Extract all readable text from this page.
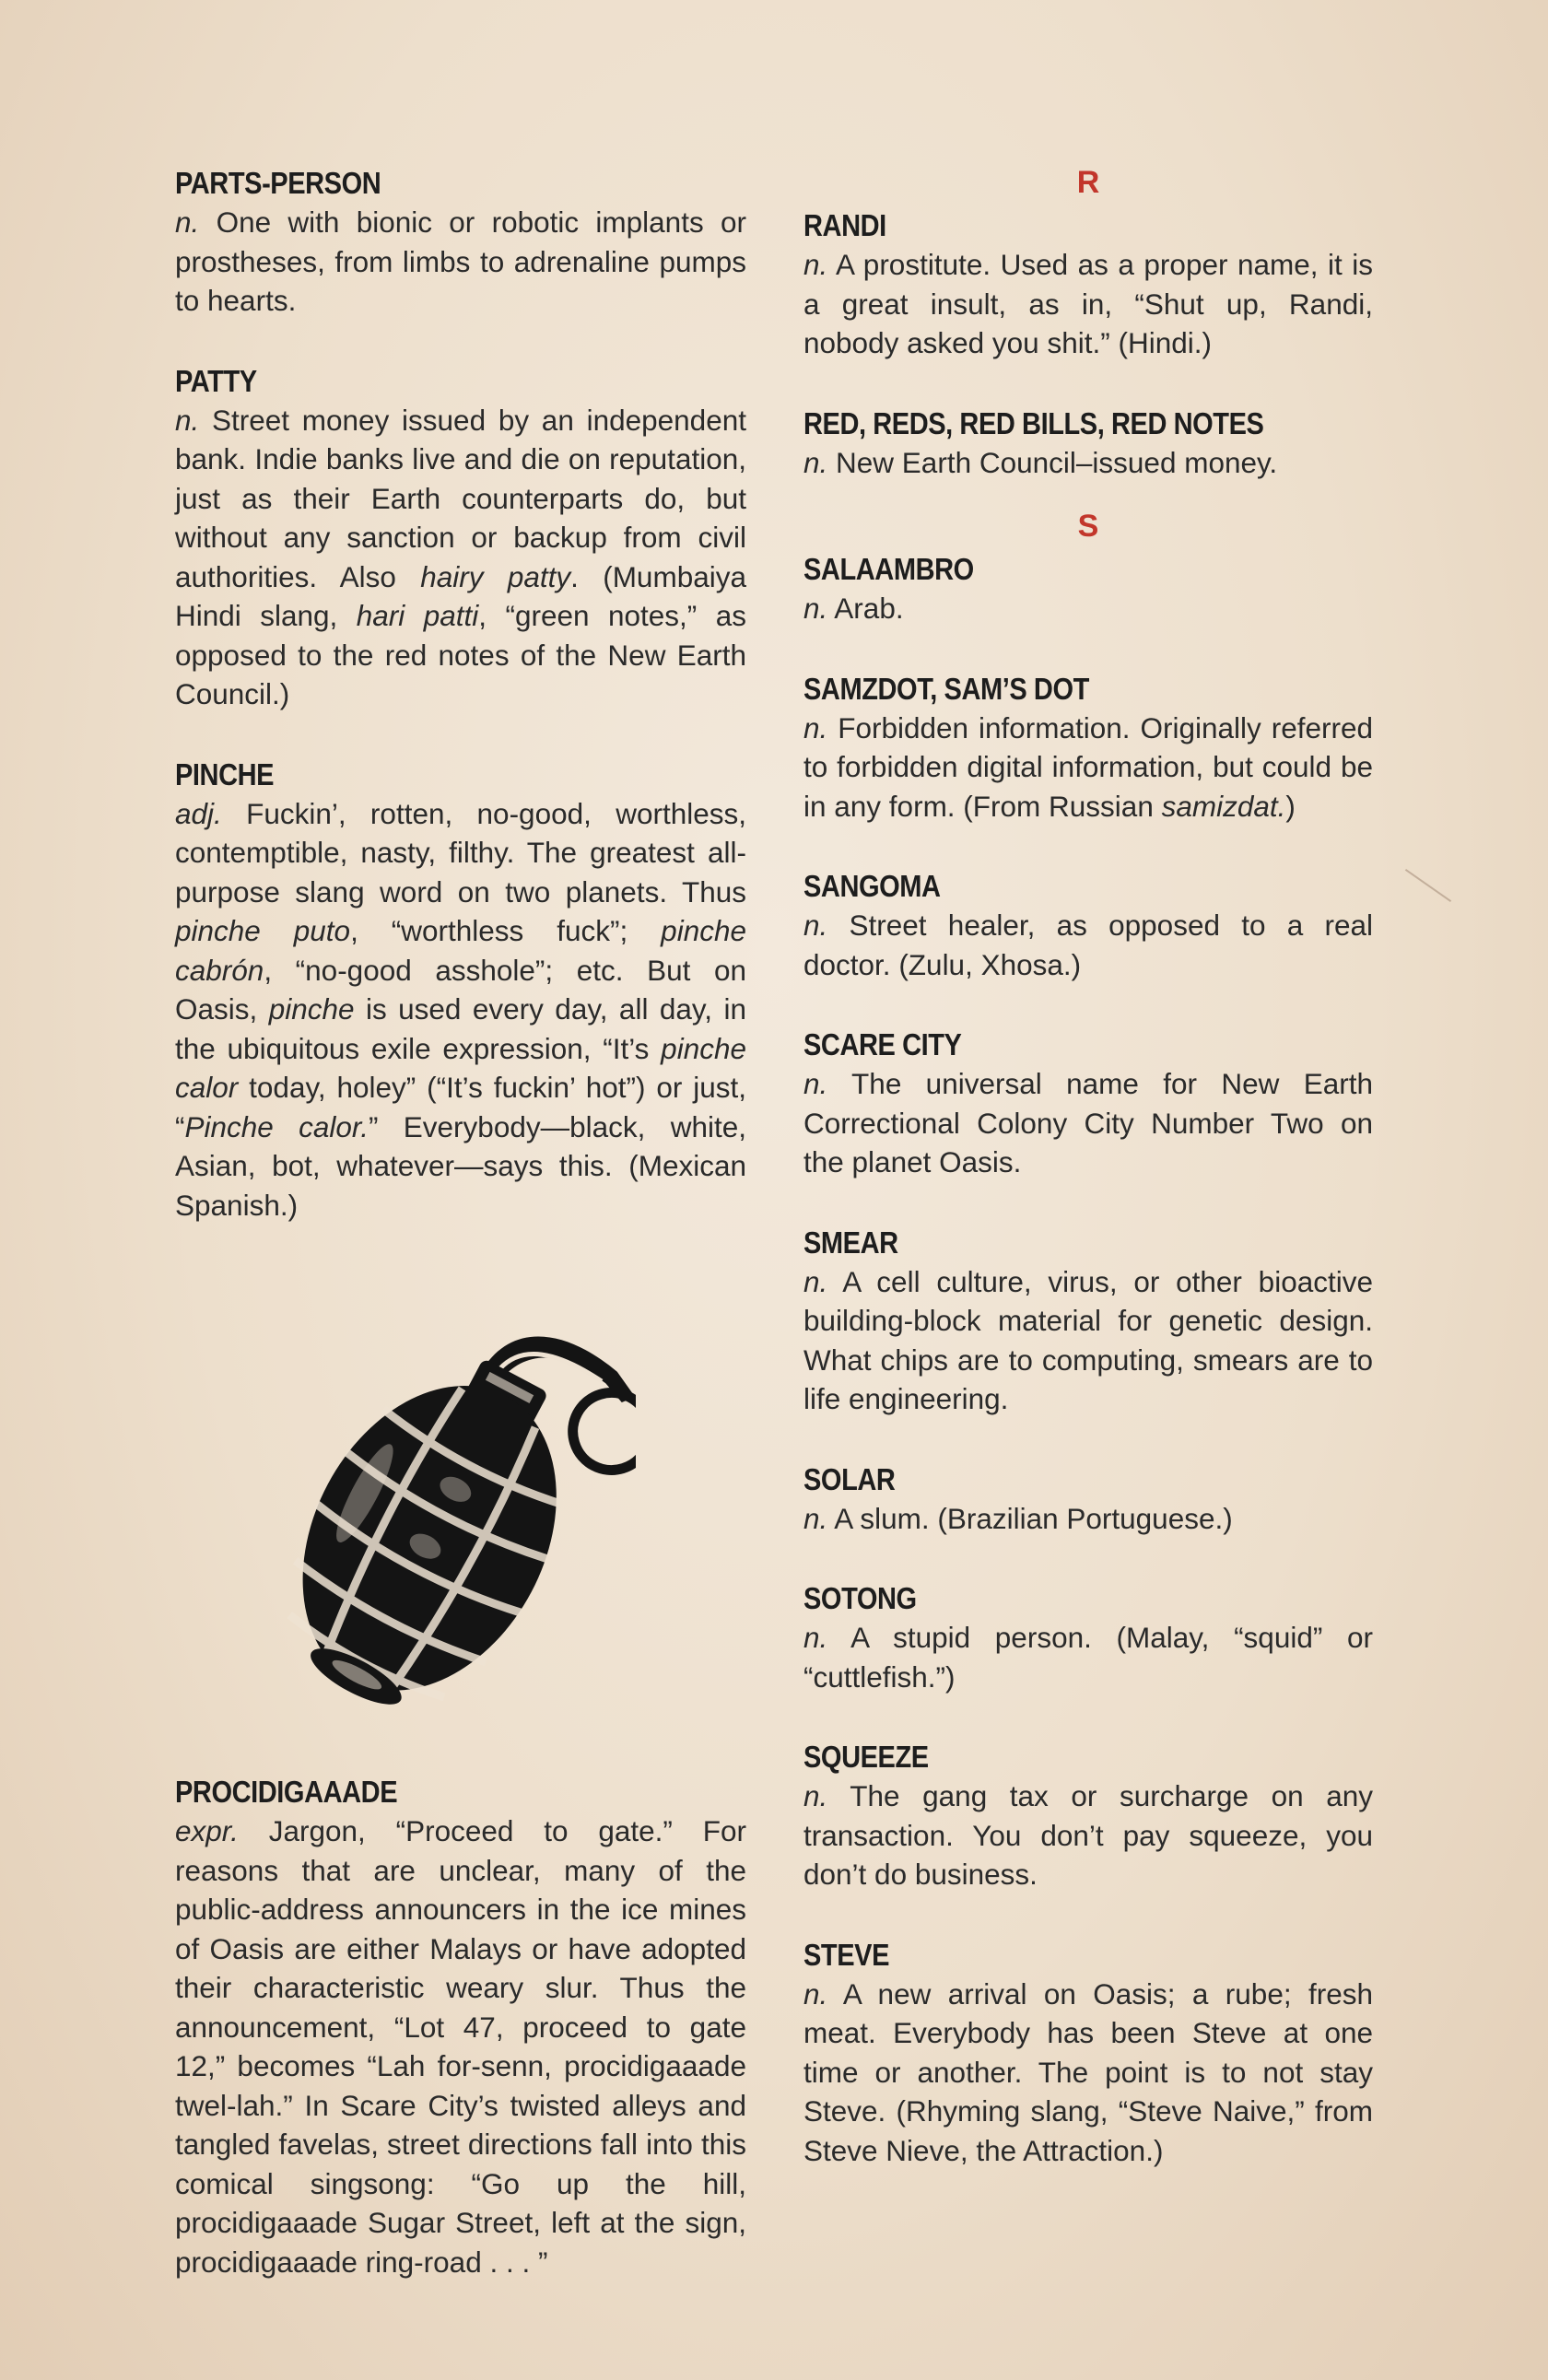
PARTS-PERSON

n. One with bionic or robotic implants or prostheses, from limbs to adrenaline pumps to hearts.

PATTY

n. Street money issued by an independent bank. Indie banks live and die on reputation, just as their Earth counterparts do, but without any sanction or backup from civil authorities. Also hairy patty. (Mumbaiya Hindi slang, hari patti, “green notes,” as opposed to the red notes of the New Earth Council.)

PINCHE

adj. Fuckin’, rotten, no-good, worthless, contemptible, nasty, filthy. The greatest all-purpose slang word on two planets. Thus pinche puto, “worthless fuck”; pinche cabrón, “no-good asshole”; etc. But on Oasis, pinche is used every day, all day, in the ubiquitous exile expression, “It’s pinche calor today, holey” (“It’s fuckin’ hot”) or just, “Pinche calor.” Everybody—black, white, Asian, bot, whatever—says this. (Mexican Spanish.)

PROCIDIGAAADE

expr. Jargon, “Proceed to gate.” For reasons that are unclear, many of the public-address announcers in the ice mines of Oasis are either Malays or have adopted their characteristic weary slur. Thus the announcement, “Lot 47, proceed to gate 12,” becomes “Lah for-senn, procidigaaade twel-lah.” In Scare City’s twisted alleys and tangled favelas, street directions fall into this comical singsong: “Go up the hill, procidigaaade Sugar Street, left at the sign, procidigaaade ring-road . . . ”

R

RANDI

n. A prostitute. Used as a proper name, it is a great insult, as in, “Shut up, Randi, nobody asked you shit.” (Hindi.)

RED, REDS, RED BILLS, RED NOTES

n. New Earth Council–issued money.

S

SALAAMBRO

n. Arab.

SAMZDOT, SAM’S DOT

n. Forbidden information. Originally referred to forbidden digital information, but could be in any form. (From Russian samizdat.)

SANGOMA

n. Street healer, as opposed to a real doctor. (Zulu, Xhosa.)

SCARE CITY

n. The universal name for New Earth Correctional Colony City Number Two on the planet Oasis.

SMEAR

n. A cell culture, virus, or other bioactive building-block material for genetic design. What chips are to computing, smears are to life engineering.

SOLAR

n. A slum. (Brazilian Portuguese.)

SOTONG

n. A stupid person. (Malay, “squid” or “cuttlefish.”)

SQUEEZE

n. The gang tax or surcharge on any transaction. You don’t pay squeeze, you don’t do business.

STEVE

n. A new arrival on Oasis; a rube; fresh meat. Everybody has been Steve at one time or another. The point is to not stay Steve. (Rhyming slang, “Steve Naive,” from Steve Nieve, the Attraction.)
